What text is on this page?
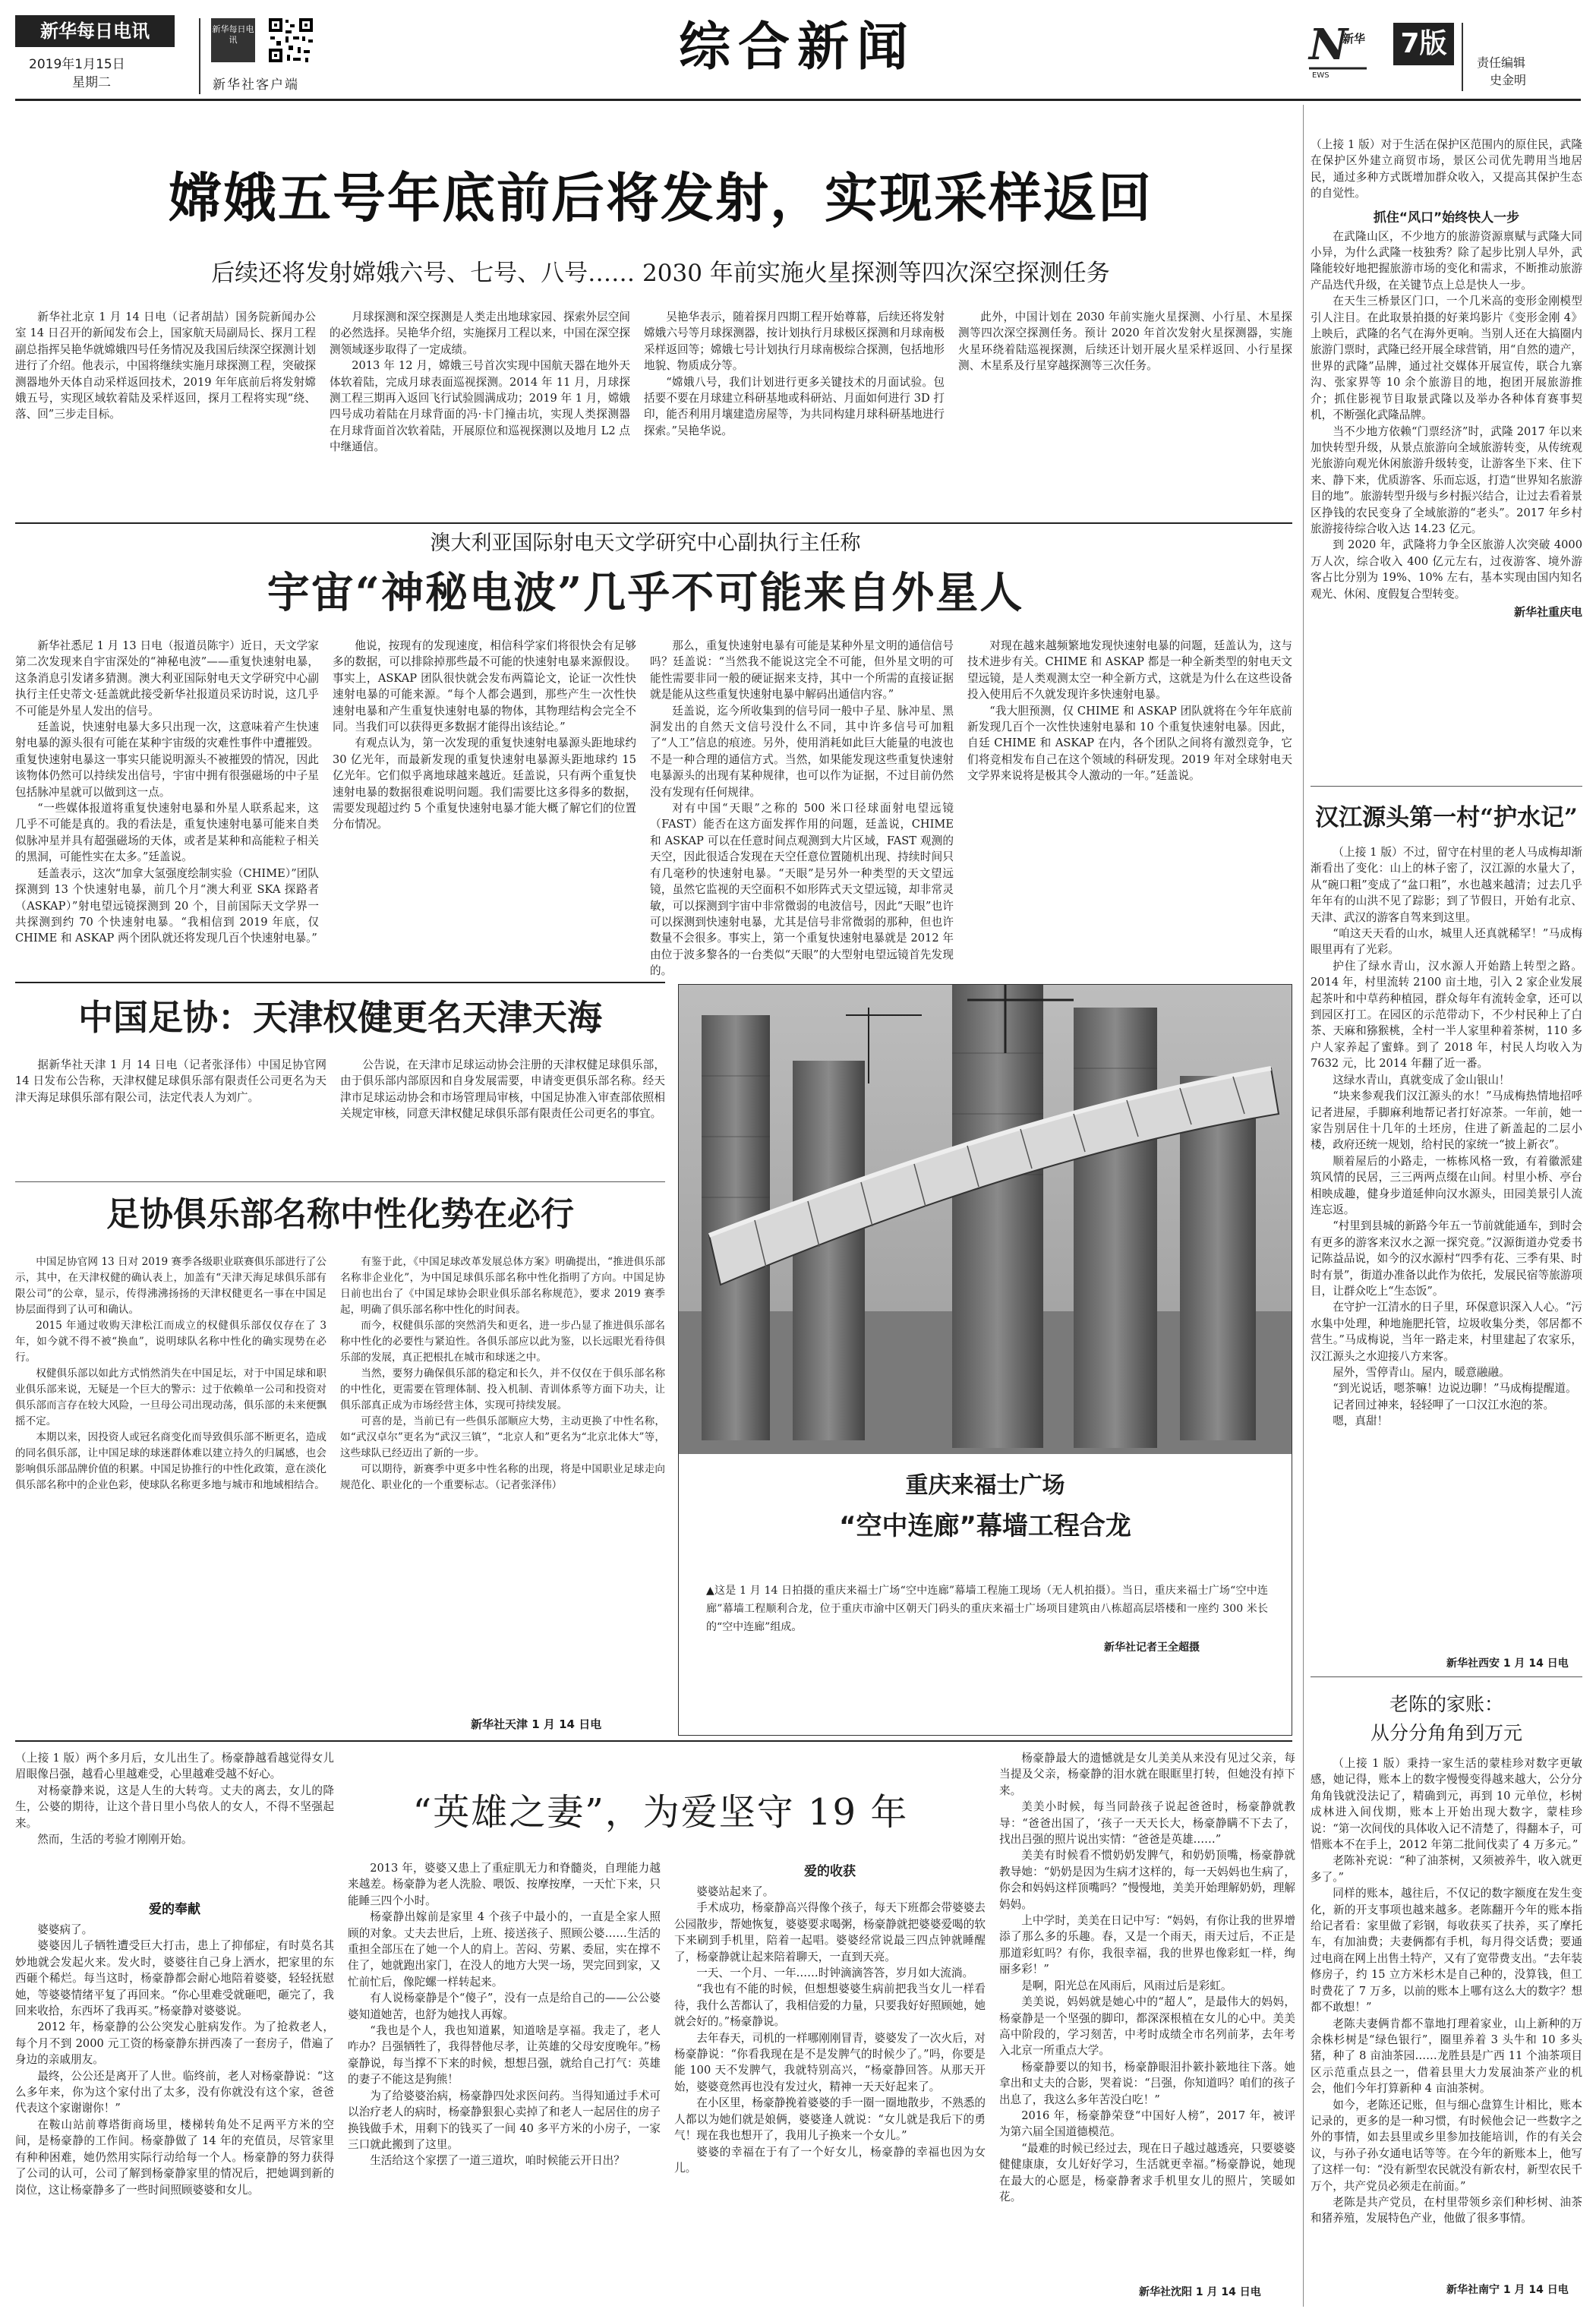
新华每日电讯
2019年1月15日
星期二
新华每日电讯
新华社客户端
综合新闻	N
EWS
新华 7版
责任编辑
史金明
嫦娥五号年底前后将发射，实现采样返回
后续还将发射嫦娥六号、七号、八号…… 2030 年前实施火星探测等四次深空探测任务

新华社北京 1 月 14 日电（记者胡喆）国务院新闻办公室 14 日召开的新闻发布会上，国家航天局副局长、探月工程副总指挥吴艳华就嫦娥四号任务情况及我国后续深空探测计划进行了介绍。他表示，中国将继续实施月球探测工程，突破探测器地外天体自动采样返回技术，2019 年年底前后将发射嫦娥五号，实现区域软着陆及采样返回，探月工程将实现“绕、落、回”三步走目标。

月球探测和深空探测是人类走出地球家园、探索外层空间的必然选择。吴艳华介绍，实施探月工程以来，中国在深空探测领域逐步取得了一定成绩。

2013 年 12 月，嫦娥三号首次实现中国航天器在地外天体软着陆，完成月球表面巡视探测。2014 年 11 月，月球探测工程三期再入返回飞行试验圆满成功；2019 年 1 月，嫦娥四号成功着陆在月球背面的冯·卡门撞击坑，实现人类探测器在月球背面首次软着陆，开展原位和巡视探测以及地月 L2 点中继通信。

吴艳华表示，随着探月四期工程开始尊幕，后续还将发射嫦娥六号等月球探测器，按计划执行月球极区探测和月球南极采样返回等；嫦娥七号计划执行月球南极综合探测，包括地形地貌、物质成分等。

“嫦娥八号，我们计划进行更多关键技术的月面试验。包括要不要在月球建立科研基地或科研站、月面如何进行 3D 打印，能否利用月壤建造房屋等，为共同构建月球科研基地进行探索。”吴艳华说。

此外，中国计划在 2030 年前实施火星探测、小行星、木星探测等四次深空探测任务。预计 2020 年首次发射火星探测器，实施火星环绕着陆巡视探测，后续还计划开展火星采样返回、小行星探测、木星系及行星穿越探测等三次任务。

澳大利亚国际射电天文学研究中心副执行主任称
宇宙“神秘电波”几乎不可能来自外星人

新华社悉尼 1 月 13 日电（报道员陈宇）近日，天文学家第二次发现来自宇宙深处的“神秘电波”——重复快速射电暴，这条消息引发诸多猜测。澳大利亚国际射电天文学研究中心副执行主任史蒂文·廷盖就此接受新华社报道员采访时说，这几乎不可能是外星人发出的信号。

廷盖说，快速射电暴大多只出现一次，这意味着产生快速射电暴的源头很有可能在某种宇宙级的灾难性事件中遭摧毁。重复快速射电暴这一事实只能说明源头不被摧毁的情况，因此该物体仍然可以持续发出信号，宇宙中拥有很强磁场的中子星包括脉冲星就可以做到这一点。

“一些媒体报道将重复快速射电暴和外星人联系起来，这几乎不可能是真的。我的看法是，重复快速射电暴可能来自类似脉冲星并具有超强磁场的天体，或者是某种和高能粒子相关的黑洞，可能性实在太多。”廷盖说。

廷盖表示，这次“加拿大氢强度绘制实验（CHIME）”团队探测到 13 个快速射电暴，前几个月“澳大利亚 SKA 探路者（ASKAP）”射电望远镜探测到 20 个，目前国际天文学界一共探测到约 70 个快速射电暴。“我相信到 2019 年底，仅 CHIME 和 ASKAP 两个团队就还将发现几百个快速射电暴。”

他说，按现有的发现速度，相信科学家们将很快会有足够多的数据，可以排除掉那些最不可能的快速射电暴来源假设。事实上，ASKAP 团队很快就会发布两篇论文，论证一次性快速射电暴的可能来源。“每个人都会遇到，那些产生一次性快速射电暴和产生重复快速射电暴的物体，其物理结构会完全不同。当我们可以获得更多数据才能得出该结论。”

有观点认为，第一次发现的重复快速射电暴源头距地球约 30 亿光年，而最新发现的重复快速射电暴源头距地球约 15 亿光年。它们似乎离地球越来越近。廷盖说，只有两个重复快速射电暴的数据很难说明问题。我们需要比这多得多的数据，需要发现超过约 5 个重复快速射电暴才能大概了解它们的位置分布情况。

那么，重复快速射电暴有可能是某种外星文明的通信信号吗？廷盖说：“当然我不能说这完全不可能，但外星文明的可能性需要非同一般的硬证据来支持，其中一个所需的直接证据就是能从这些重复快速射电暴中解码出通信内容。”

廷盖说，迄今所收集到的信号同一般中子星、脉冲星、黑洞发出的自然天文信号没什么不同，其中许多信号可加粗了“人工”信息的痕迹。另外，使用消耗如此巨大能量的电波也不是一种合理的通信方式。当然，如果能发现这些重复快速射电暴源头的出现有某种规律，也可以作为证据，不过目前仍然没有发现有任何规律。

对有中国“天眼”之称的 500 米口径球面射电望远镜（FAST）能否在这方面发挥作用的问题，廷盖说，CHIME 和 ASKAP 可以在任意时间点观测到大片区域，FAST 观测的天空，因此很适合发现在天空任意位置随机出现、持续时间只有几毫秒的快速射电暴。“天眼”是另外一种类型的天文望远镜，虽然它监视的天空面积不如形阵式天文望远镜，却非常灵敏，可以探测到宇宙中非常微弱的电波信号，因此“天眼”也许可以探测到快速射电暴，尤其是信号非常微弱的那种，但也许数量不会很多。事实上，第一个重复快速射电暴就是 2012 年由位于波多黎各的一台类似“天眼”的大型射电望远镜首先发现的。

对现在越来越频繁地发现快速射电暴的问题，廷盖认为，这与技术进步有关。CHIME 和 ASKAP 都是一种全新类型的射电天文望远镜，是人类观测太空一种全新方式，这就是为什么在这些设备投入使用后不久就发现许多快速射电暴。

“我大胆预测，仅 CHIME 和 ASKAP 团队就将在今年年底前新发现几百个一次性快速射电暴和 10 个重复快速射电暴。因此，自廷 CHIME 和 ASKAP 在内，各个团队之间将有激烈竞争，它们将竞相发布自己在这个领域的科研发现。2019 年对全球射电天文学界来说将是极其令人激动的一年。”廷盖说。

中国足协：天津权健更名天津天海

据新华社天津 1 月 14 日电（记者张泽伟）中国足协官网 14 日发布公告称，天津权健足球俱乐部有限责任公司更名为天津天海足球俱乐部有限公司，法定代表人为刘广。

公告说，在天津市足球运动协会注册的天津权健足球俱乐部，由于俱乐部内部原因和自身发展需要，申请变更俱乐部名称。经天津市足球运动协会和市场管理局审核，中国足协准入审查部依照相关规定审核，同意天津权健足球俱乐部有限责任公司更名的事宜。

足协俱乐部名称中性化势在必行

中国足协官网 13 日对 2019 赛季各级职业联赛俱乐部进行了公示，其中，在天津权健的确认表上，加盖有“天津天海足球俱乐部有限公司”的公章，显示，传得沸沸扬扬的天津权健更名一事在中国足协层面得到了认可和确认。

2015 年通过收购天津松江而成立的权健俱乐部仅仅存在了 3 年，如今就不得不被“换血”，说明球队名称中性化的确实现势在必行。

权健俱乐部以如此方式悄然消失在中国足坛，对于中国足球和职业俱乐部来说，无疑是一个巨大的警示：过于依赖单一公司和投资对俱乐部而言存在较大风险，一旦母公司出现动荡，俱乐部的未来便飘摇不定。

本期以来，因投资人或冠名商变化而导致俱乐部不断更名，造成的同名俱乐部，让中国足球的球迷群体难以建立持久的归属感，也会影响俱乐部品牌价值的积累。中国足协推行的中性化政策，意在淡化俱乐部名称中的企业色彩，使球队名称更多地与城市和地域相结合。

有鉴于此，《中国足球改革发展总体方案》明确提出，“推进俱乐部名称非企业化”，为中国足球俱乐部名称中性化指明了方向。中国足协日前也出台了《中国足球协会职业俱乐部名称规范》，要求 2019 赛季起，明确了俱乐部名称中性化的时间表。

而今，权健俱乐部的突然消失和更名，进一步凸显了推进俱乐部名称中性化的必要性与紧迫性。各俱乐部应以此为鉴，以长远眼光看待俱乐部的发展，真正把根扎在城市和球迷之中。

当然，要努力确保俱乐部的稳定和长久，并不仅仅在于俱乐部名称的中性化，更需要在管理体制、投入机制、青训体系等方面下功夫，让俱乐部真正成为市场经营主体，实现可持续发展。

可喜的是，当前已有一些俱乐部顺应大势，主动更换了中性名称，如“武汉卓尔”更名为“武汉三镇”，“北京人和”更名为“北京北体大”等，这些球队已经迈出了新的一步。

可以期待，新赛季中更多中性名称的出现，将是中国职业足球走向规范化、职业化的一个重要标志。（记者张泽伟）

新华社天津 1 月 14 日电
重庆来福士广场
“空中连廊”幕墙工程合龙
▲这是 1 月 14 日拍摄的重庆来福士广场“空中连廊”幕墙工程施工现场（无人机拍摄）。当日，重庆来福士广场“空中连廊”幕墙工程顺利合龙，位于重庆市渝中区朝天门码头的重庆来福士广场项目建筑由八栋超高层塔楼和一座约 300 米长的“空中连廊”组成。
新华社记者王全超摄

（上接 1 版）对于生活在保护区范围内的原住民，武隆在保护区外建立商贸市场，景区公司优先聘用当地居民，通过多种方式既增加群众收入，又提高其保护生态的自觉性。

抓住“风口”始终快人一步

在武隆山区，不少地方的旅游资源禀赋与武隆大同小异，为什么武隆一枝独秀？除了起步比别人早外，武隆能较好地把握旅游市场的变化和需求，不断推动旅游产品迭代升级，在关键节点上总是快人一步。

在天生三桥景区门口，一个几米高的变形金刚模型引人注目。在此取景拍摄的好莱坞影片《变形金刚 4》上映后，武隆的名气在海外更响。当别人还在大搞圈内旅游门票时，武隆已经开展全球营销，用“自然的遗产，世界的武隆”品牌，通过社交媒体开展宣传，联合九寨沟、张家界等 10 余个旅游目的地，抱团开展旅游推介；抓住影视节目取景武隆以及举办各种体育赛事契机，不断强化武隆品牌。

当不少地方依赖“门票经济”时，武隆 2017 年以来加快转型升级，从景点旅游向全域旅游转变，从传统观光旅游向观光休闲旅游升级转变，让游客坐下来、住下来、静下来，优质游客、乐而忘返，打造“世界知名旅游目的地”。旅游转型升级与乡村振兴结合，让过去看着景区挣钱的农民变身了全域旅游的“老头”。2017 年乡村旅游接待综合收入达 14.23 亿元。

到 2020 年，武隆将力争全区旅游人次突破 4000 万人次，综合收入 400 亿元左右，过夜游客、境外游客占比分别为 19%、10% 左右，基本实现由国内知名观光、休闲、度假复合型转变。

新华社重庆电
汉江源头第一村“护水记”

（上接 1 版）不过，留守在村里的老人马成梅却渐渐看出了变化：山上的林子密了，汉江源的水量大了，从“碗口粗”变成了“盆口粗”，水也越来越清；过去几乎年年有的山洪不见了踪影；到了节假日，开始有北京、天津、武汉的游客自驾来到这里。

“咱这天天看的山水，城里人还真就稀罕！”马成梅眼里再有了光彩。

护住了绿水青山，汉水源人开始踏上转型之路。2014 年，村里流转 2100 亩土地，引入 2 家企业发展起茶叶和中草药种植园，群众每年有流转金拿，还可以到园区打工。在园区的示范带动下，不少村民种上了白茶、天麻和猕猴桃，全村一半人家里种着茶树，110 多户人家养起了蜜蜂。到了 2018 年，村民人均收入为 7632 元，比 2014 年翻了近一番。

这绿水青山，真就变成了金山银山！

“块来参观我们汉江源头的水！”马成梅热情地招呼记者进屋，手脚麻利地帮记者打好凉茶。一年前，她一家告别居住十几年的土坯房，住进了新盖起的二层小楼，政府还统一规划，给村民的家统一“披上新衣”。

顺着屋后的小路走，一栋栋风格一致，有着徽派建筑风情的民居，三三两两点缀在山间。村里小桥、亭台相映成趣，健身步道延伸向汉水源头，田园美景引人流连忘返。

“村里到县城的新路今年五一节前就能通车，到时会有更多的游客来汉水之源一探究竟。”汉源街道办党委书记陈益品说，如今的汉水源村“四季有花、三季有果、时时有景”，街道办准备以此作为依托，发展民宿等旅游项目，让群众吃上“生态饭”。

在守护一江清水的日子里，环保意识深入人心。“污水集中处理，种地施肥托管，垃圾收集分类，邻居都不营生。”马成梅说，当年一路走来，村里建起了农家乐，汉江源头之水迎接八方来客。

屋外，雪停青山。屋内，暖意融融。

“到光说话，嗯茶嘛！边说边聊！”马成梅提醒道。

记者回过神来，轻轻呷了一口汉江水泡的茶。

嗯，真甜！

新华社西安 1 月 14 日电
老陈的家账：
从分分角角到万元

（上接 1 版）秉持一家生活的蒙桂珍对数字更敏感，她记得，账本上的数字慢慢变得越来越大，公分分角角钱就没法记了，精确到元，再到 10 元单位，杉树成林进入间伐期，账本上开始出现大数字，蒙桂珍说：“第一次间伐的具体收入记不清楚了，得翻本子，可惜账本不在手上，2012 年第二批间伐卖了 4 万多元。”

老陈补充说：“种了油茶树，又须被养牛，收入就更多了。”

同样的账本，越往后，不仅记的数字额度在发生变化，新的开支事项也越来越多。老陈翻开今年的账本指给记者看：家里做了彩钢，每收获买了扶养，买了摩托车，有加油费；夫妻俩都有手机，每月得交话费；要通过电商在网上出售土特产，又有了宽带费支出。“去年装修房子，约 15 立方米杉木是自己种的，没算钱，但工时费花了 7 万多，以前的账本上哪有这么大的数字？想都不敢想！”

老陈夫妻俩肯都不靠地打理着家业，山上新种的万余株杉树是“绿色银行”，圈里养着 3 头牛和 10 多头猪，种了 8 亩油茶园……龙胜县是广西 11 个油茶项目区示范重点县之一，借着县里大力发展油茶产业的机会，他们今年打算新种 4 亩油茶树。

如今，老陈还记账，但与细心盘算生计相比，账本记录的，更多的是一种习惯，有时候他会记一些数字之外的事情，如去县里或乡里参加技能培训，作的有关会议，与孙子孙女通电话等等。在今年的新账本上，他写了这样一句：“没有新型农民就没有新农村，新型农民千万个，共产党员必须走在前面。”

老陈是共产党员，在村里带领乡亲们种杉树、油茶和猪养殖，发展特色产业，他做了很多事情。

新华社南宁 1 月 14 日电

（上接 1 版）两个多月后，女儿出生了。杨豪静越看越觉得女儿眉眼像吕强，越看心里越难受，心里越难受越不好心。

对杨豪静来说，这是人生的大转弯。丈夫的离去，女儿的降生，公婆的期待，让这个昔日里小鸟依人的女人，不得不坚强起来。

然而，生活的考验才刚刚开始。

“英雄之妻”，为爱坚守 19 年
爱的奉献

婆婆病了。

婆婆因儿子牺牲遭受巨大打击，患上了抑郁症，有时莫名其妙地就会发起火来。发火时，婆婆往自己身上洒水，把家里的东西砸个稀烂。每当这时，杨豪静都会耐心地陪着婆婆，轻轻抚慰她，等婆婆情绪平复了再回来。“你心里难受就砸吧，砸完了，我回来收拾，东西坏了我再买。”杨豪静对婆婆说。

2012 年，杨豪静的公公突发心脏病发作。为了抢救老人，每个月不到 2000 元工资的杨豪静东拼西凑了一套房子，借遍了身边的亲戚朋友。

最终，公公还是离开了人世。临终前，老人对杨豪静说：“这么多年来，你为这个家付出了太多，没有你就没有这个家，爸爸代表这个家谢谢你！”

在鞍山站前尊塔街商场里，楼梯转角处不足两平方米的空间，是杨豪静的工作间。杨豪静做了 14 年的充值员，尽管家里有种种困难，她仍然用实际行动给每一个人。杨豪静的努力获得了公司的认可，公司了解到杨豪静家里的情况后，把她调到新的岗位，这让杨豪静多了一些时间照顾婆婆和女儿。

2013 年，婆婆又患上了重症肌无力和脊髓炎，自理能力越来越差。杨豪静为老人洗脸、喂饭、按摩按摩，一天忙下来，只能睡三四个小时。

杨豪静出嫁前是家里 4 个孩子中最小的，一直是全家人照顾的对象。丈夫去世后，上班、接送孩子、照顾公婆……生活的重担全部压在了她一个人的肩上。苦闷、劳累、委屈，实在撑不住了，她就跑出家门，在没人的地方大哭一场，哭完回到家，又忙前忙后，像陀螺一样转起来。

有人说杨豪静是个“傻子”，没有一点是给自己的——公公婆婆知道她苦，也舒为她找人再嫁。

“我也是个人，我也知道累，知道啥是享福。我走了，老人咋办？吕强牺牲了，我得替他尽孝，让英雄的父母安度晚年。”杨豪静说，每当撑不下来的时候，想想吕强，就给自己打气：英雄的妻子不能这是狗熊！

为了给婆婆治病，杨豪静四处求医问药。当得知通过手术可以治疗老人的病时，杨豪静狠狠心卖掉了和老人一起居住的房子换钱做手术，用剩下的钱买了一间 40 多平方米的小房子，一家三口就此搬到了这里。

生活给这个家摆了一道三道坎，咱时候能云开日出？

爱的收获

婆婆站起来了。

手术成功，杨豪静高兴得像个孩子，每天下班都会带婆婆去公园散步，帮她恢复，婆婆要求喝粥，杨豪静就把婆婆爱喝的软下来刷到手机里，陪着一起唱。婆婆经常说最三四点钟就睡醒了，杨豪静就让起来陪着聊天，一直到天亮。

一天、一个月、一年……时钟滴滴答答，岁月如大流淌。

“我也有不能的时候，但想想婆婆生病前把我当女儿一样看待，我什么苦都认了，我相信爱的力量，只要我好好照顾她，她就会好的。”杨豪静说。

去年春天，司机的一样哪刚刚冒青，婆婆发了一次火后，对杨豪静说：“你看我现在是不是发脾气的时候少了。”吗，你要是能 100 天不发脾气，我就特别高兴，“杨豪静回答。从那天开始，婆婆竟然再也没有发过火，精神一天天好起来了。

在小区里，杨豪静挽着婆婆的手一圈一圈地散步，不熟悉的人都以为她们就是娘俩，婆婆逢人就说：“女儿就是我后下的勇气！现在我也想开了，我用儿子换来一个女儿。”

婆婆的幸福在于有了一个好女儿，杨豪静的幸福也因为女儿。

杨豪静最大的遗憾就是女儿美美从来没有见过父亲，每当提及父亲，杨豪静的泪水就在眼眶里打转，但她没有掉下来。

美美小时候，每当同龄孩子说起爸爸时，杨豪静就教导：“爸爸出国了，‘孩子一天天长大，杨豪静瞒不下去了，找出吕强的照片说出实情：“爸爸是英雄……”

美美有时候看不惯奶奶发脾气，和奶奶顶嘴，杨豪静就教导她：“奶奶是因为生病才这样的，每一天妈妈也生病了，你会和妈妈这样顶嘴吗？”慢慢地，美美开始理解奶奶，理解妈妈。

上中学时，美美在日记中写：“妈妈，有你让我的世界增添了那么多的乐趣。春，又是一个雨天，雨天过后，不正是那道彩虹吗？有你，我很幸福，我的世界也像彩虹一样，绚丽多彩！”

是啊，阳光总在风雨后，风雨过后是彩虹。

美美说，妈妈就是她心中的“超人”，是最伟大的妈妈，杨豪静是一个坚强的脚印，都深深根植在女儿的心中。美美高中阶段的，学习刻苦，中考时成绩全市名列前茅，去年考入北京一所重点大学。

杨豪静要以的知书，杨豪静眼泪扑簌扑簌地往下落。她拿出和丈夫的合影，哭着说：“吕强，你知道吗？咱们的孩子出息了，我这么多年苦没白吃！”

2016 年，杨豪静荣登“中国好人榜”，2017 年，被评为第六届全国道德模范。

“最难的时候已经过去，现在日子越过越透亮，只要婆婆健健康康，女儿好好学习，生活就更幸福。”杨豪静说，她现在最大的心愿是，杨豪静奢求手机里女儿的照片，笑暖如花。

新华社沈阳 1 月 14 日电
